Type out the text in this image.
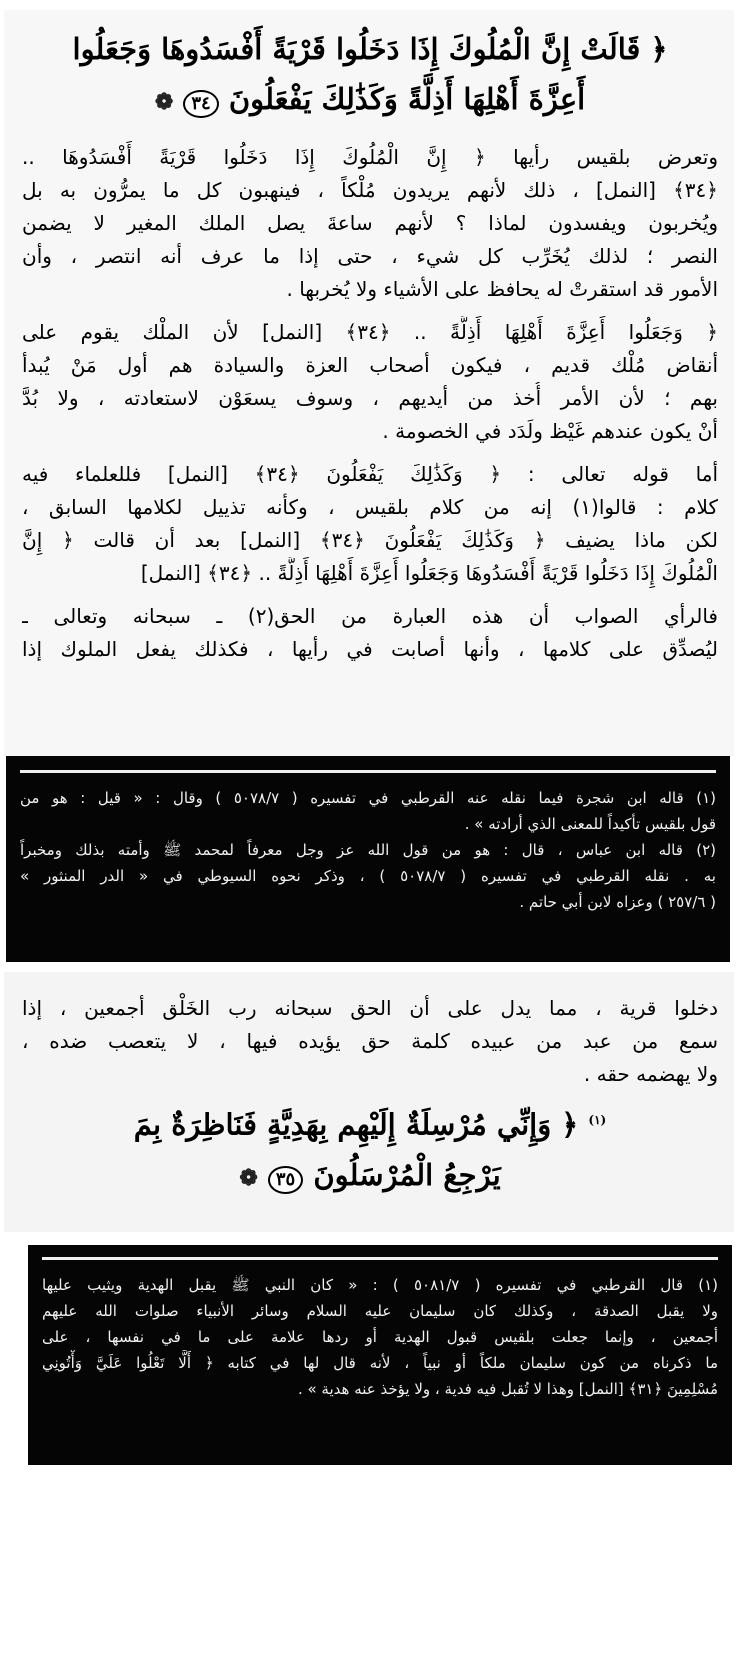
﴿ قَالَتْ إِنَّ الْمُلُوكَ إِذَا دَخَلُوا قَرْيَةً أَفْسَدُوهَا وَجَعَلُوا
أَعِزَّةَ أَهْلِهَا أَذِلَّةً وَكَذَٰلِكَ يَفْعَلُونَ ٣٤ ❁
وتعرض بلقيس رأيها ﴿ إِنَّ الْمُلُوكَ إِذَا دَخَلُوا قَرْيَةً أَفْسَدُوهَا ..
﴿٣٤﴾ [النمل] ، ذلك لأنهم يريدون مُلْكاً ، فينهبون كل ما يمرُّون به بل
ويُخربون ويفسدون لماذا ؟ لأنهم ساعةَ يصل الملك المغير لا يضمن
النصر ؛ لذلك يُخَرِّب كل شيء ، حتى إذا ما عرف أنه انتصر ، وأن
الأمور قد استقرتْ له يحافظ على الأشياء ولا يُخربها .
﴿ وَجَعَلُوا أَعِزَّةَ أَهْلِهَا أَذِلَّةً .. ﴿٣٤﴾ [النمل] لأن الملْك يقوم على
أنقاض مُلْك قديم ، فيكون أصحاب العزة والسيادة هم أول مَنْ يُبدأ
بهم ؛ لأن الأمر أُخذ من أيديهم ، وسوف يسعَوْن لاستعادته ، ولا بُدَّ
أنْ يكون عندهم غَيْظ ولَدَد في الخصومة .
أما قوله تعالى : ﴿ وَكَذَٰلِكَ يَفْعَلُونَ ﴿٣٤﴾ [النمل] فللعلماء فيه
كلام : قالوا(١) إنه من كلام بلقيس ، وكأنه تذييل لكلامها السابق ،
لكن ماذا يضيف ﴿ وَكَذَٰلِكَ يَفْعَلُونَ ﴿٣٤﴾ [النمل] بعد أن قالت ﴿ إِنَّ
الْمُلُوكَ إِذَا دَخَلُوا قَرْيَةً أَفْسَدُوهَا وَجَعَلُوا أَعِزَّةَ أَهْلِهَا أَذِلَّةً .. ﴿٣٤﴾ [النمل]
فالرأي الصواب أن هذه العبارة من الحق(٢) ـ سبحانه وتعالى ـ
ليُصدِّق على كلامها ، وأنها أصابت في رأيها ، فكذلك يفعل الملوك إذا
(١) قاله ابن شجرة فيما نقله عنه القرطبي في تفسيره ( ٥٠٧٨/٧ ) وقال : « قيل : هو من
قول بلقيس تأكيداً للمعنى الذي أرادته » .
(٢) قاله ابن عباس ، قال : هو من قول الله عز وجل معرفاً لمحمد ﷺ وأمته بذلك ومخبراً
به . نقله القرطبي في تفسيره ( ٥٠٧٨/٧ ) ، وذكر نحوه السيوطي في « الدر المنثور »
( ٢٥٧/٦ ) وعزاه لابن أبي حاتم .
دخلوا قرية ، مما يدل على أن الحق سبحانه رب الخَلْق أجمعين ، إذا
سمع من عبد من عبيده كلمة حق يؤيده فيها ، لا يتعصب ضده ،
ولا يهضمه حقه .
$^{(١)}$ ﴿ وَإِنِّي مُرْسِلَةٌ إِلَيْهِم بِهَدِيَّةٍ فَنَاظِرَةٌ بِمَ
يَرْجِعُ الْمُرْسَلُونَ ٣٥ ❁
(١) قال القرطبي في تفسيره ( ٥٠٨١/٧ ) : « كان النبي ﷺ يقبل الهدية ويثيب عليها
ولا يقبل الصدقة ، وكذلك كان سليمان عليه السلام وسائر الأنبياء صلوات الله عليهم
أجمعين ، وإنما جعلت بلقيس قبول الهدية أو ردها علامة على ما في نفسها ، على
ما ذكرناه من كون سليمان ملكاً أو نبياً ، لأنه قال لها في كتابه ﴿ أَلَّا تَعْلُوا عَلَيَّ وَأْتُونِي
مُسْلِمِينَ ﴿٣١﴾ [النمل] وهذا لا تُقبل فيه فدية ، ولا يؤخذ عنه هدية » .
